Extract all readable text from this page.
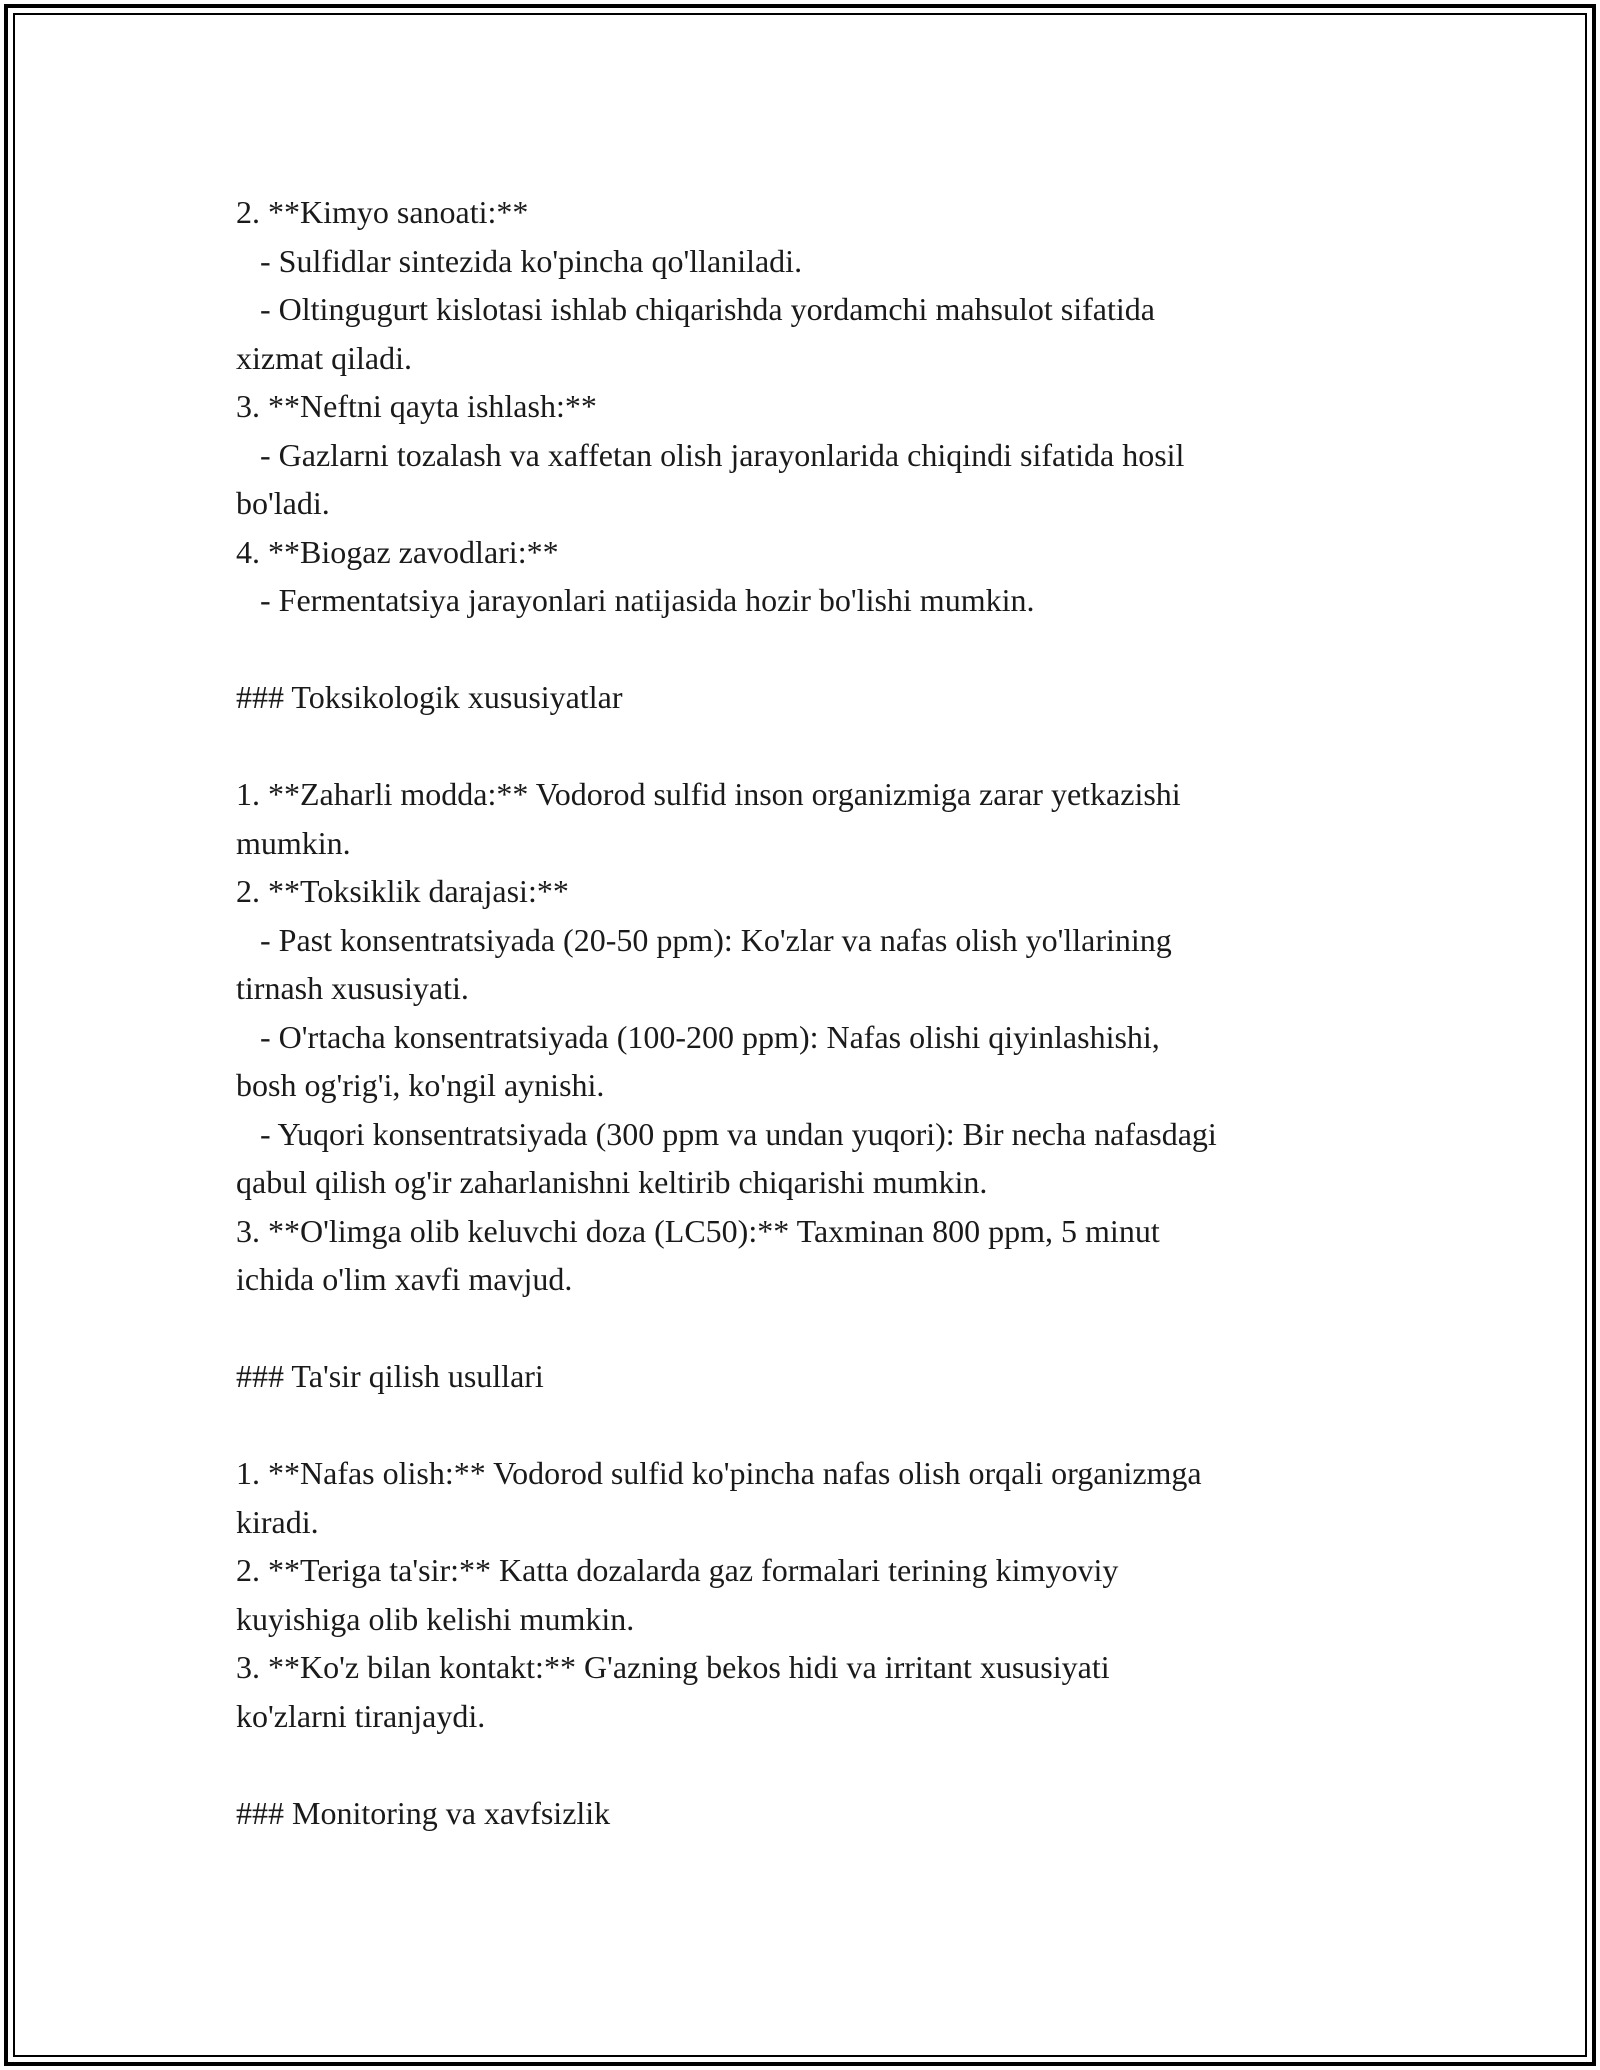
2. **Kimyo sanoati:**

- Sulfidlar sintezida ko'pincha qo'llaniladi.

- Oltingugurt kislotasi ishlab chiqarishda yordamchi mahsulot sifatida

xizmat qiladi.

3. **Neftni qayta ishlash:**

- Gazlarni tozalash va xaffetan olish jarayonlarida chiqindi sifatida hosil

bo'ladi.

4. **Biogaz zavodlari:**

- Fermentatsiya jarayonlari natijasida hozir bo'lishi mumkin.

### Toksikologik xususiyatlar

1. **Zaharli modda:** Vodorod sulfid inson organizmiga zarar yetkazishi

mumkin.

2. **Toksiklik darajasi:**

- Past konsentratsiyada (20-50 ppm): Ko'zlar va nafas olish yo'llarining

tirnash xususiyati.

- O'rtacha konsentratsiyada (100-200 ppm): Nafas olishi qiyinlashishi,

bosh og'rig'i, ko'ngil aynishi.

- Yuqori konsentratsiyada (300 ppm va undan yuqori): Bir necha nafasdagi

qabul qilish og'ir zaharlanishni keltirib chiqarishi mumkin.

3. **O'limga olib keluvchi doza (LC50):** Taxminan 800 ppm, 5 minut

ichida o'lim xavfi mavjud.

### Ta'sir qilish usullari

1. **Nafas olish:** Vodorod sulfid ko'pincha nafas olish orqali organizmga

kiradi.

2. **Teriga ta'sir:** Katta dozalarda gaz formalari terining kimyoviy

kuyishiga olib kelishi mumkin.

3. **Ko'z bilan kontakt:** G'azning bekos hidi va irritant xususiyati

ko'zlarni tiranjaydi.

### Monitoring va xavfsizlik
